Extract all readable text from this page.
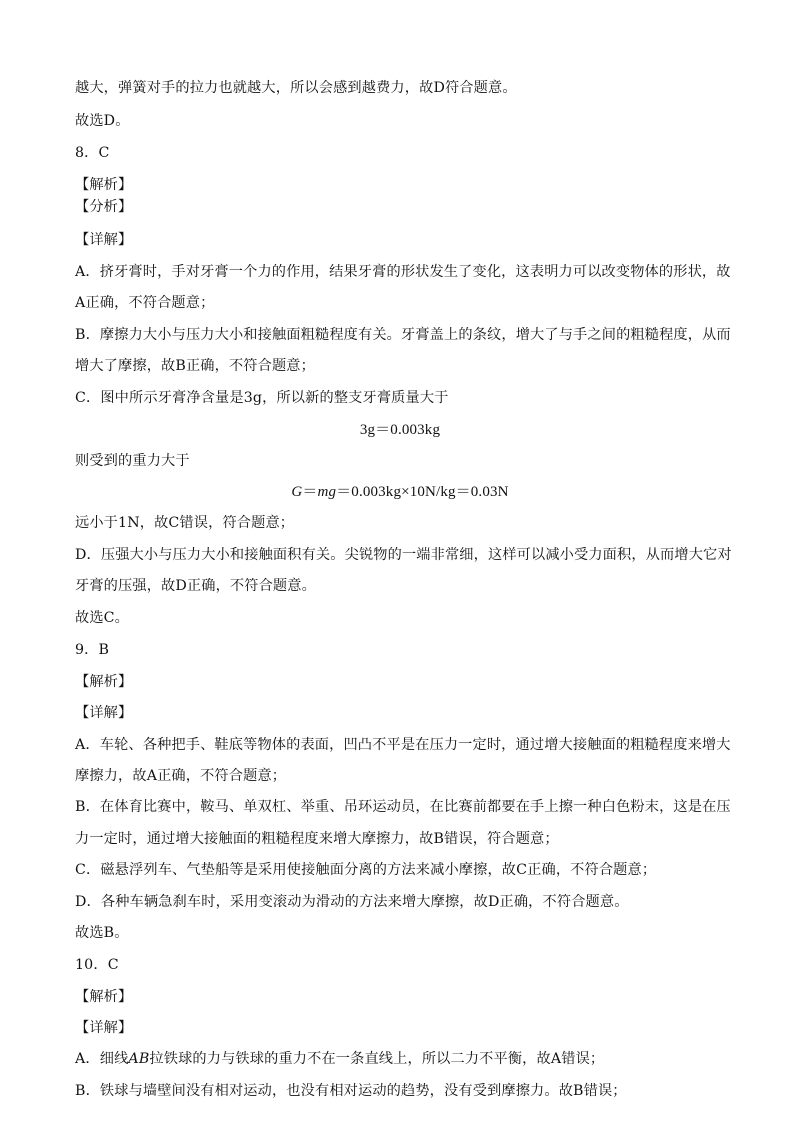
越大，弹簧对手的拉力也就越大，所以会感到越费力，故D符合题意。
故选D。
8．C
【解析】
【分析】
【详解】
A．挤牙膏时，手对牙膏一个力的作用，结果牙膏的形状发生了变化，这表明力可以改变物体的形状，故
A正确，不符合题意；
B．摩擦力大小与压力大小和接触面粗糙程度有关。牙膏盖上的条纹，增大了与手之间的粗糙程度，从而
增大了摩擦，故B正确，不符合题意；
C．图中所示牙膏净含量是3g，所以新的整支牙膏质量大于
3g＝0.003kg
则受到的重力大于
G＝mg＝0.003kg×10N/kg＝0.03N
远小于1N，故C错误，符合题意；
D．压强大小与压力大小和接触面积有关。尖锐物的一端非常细，这样可以减小受力面积，从而增大它对
牙膏的压强，故D正确，不符合题意。
故选C。
9．B
【解析】
【详解】
A．车轮、各种把手、鞋底等物体的表面，凹凸不平是在压力一定时，通过增大接触面的粗糙程度来增大
摩擦力，故A正确，不符合题意；
B．在体育比赛中，鞍马、单双杠、举重、吊环运动员，在比赛前都要在手上擦一种白色粉末，这是在压
力一定时，通过增大接触面的粗糙程度来增大摩擦力，故B错误，符合题意；
C．磁悬浮列车、气垫船等是采用使接触面分离的方法来减小摩擦，故C正确，不符合题意；
D．各种车辆急刹车时，采用变滚动为滑动的方法来增大摩擦，故D正确，不符合题意。
故选B。
10．C
【解析】
【详解】
A．细线AB拉铁球的力与铁球的重力不在一条直线上，所以二力不平衡，故A错误；
B．铁球与墙壁间没有相对运动，也没有相对运动的趋势，没有受到摩擦力。故B错误；
